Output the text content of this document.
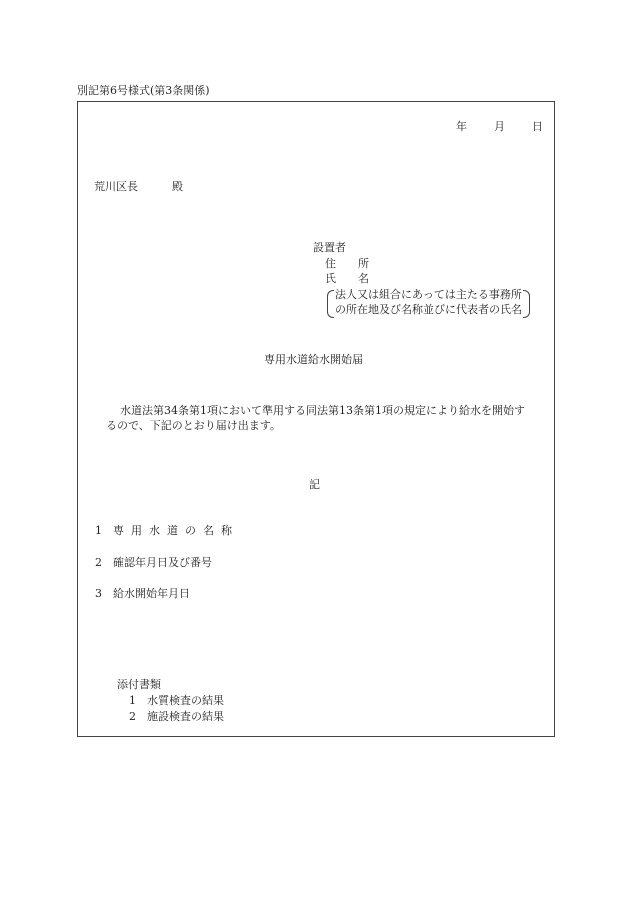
別記第6号様式(第3条関係)
年 月 日
荒川区長	殿
設置者
住 所
氏 名
法人又は組合にあっては主たる事務所
の所在地及び名称並びに代表者の氏名
専用水道給水開始届
水道法第34条第1項において準用する同法第13条第1項の規定により給水を開始す
るので、下記のとおり届け出ます。
記
1 専用水道の名称
2 確認年月日及び番号
3 給水開始年月日
添付書類
1 水質検査の結果
2 施設検査の結果
